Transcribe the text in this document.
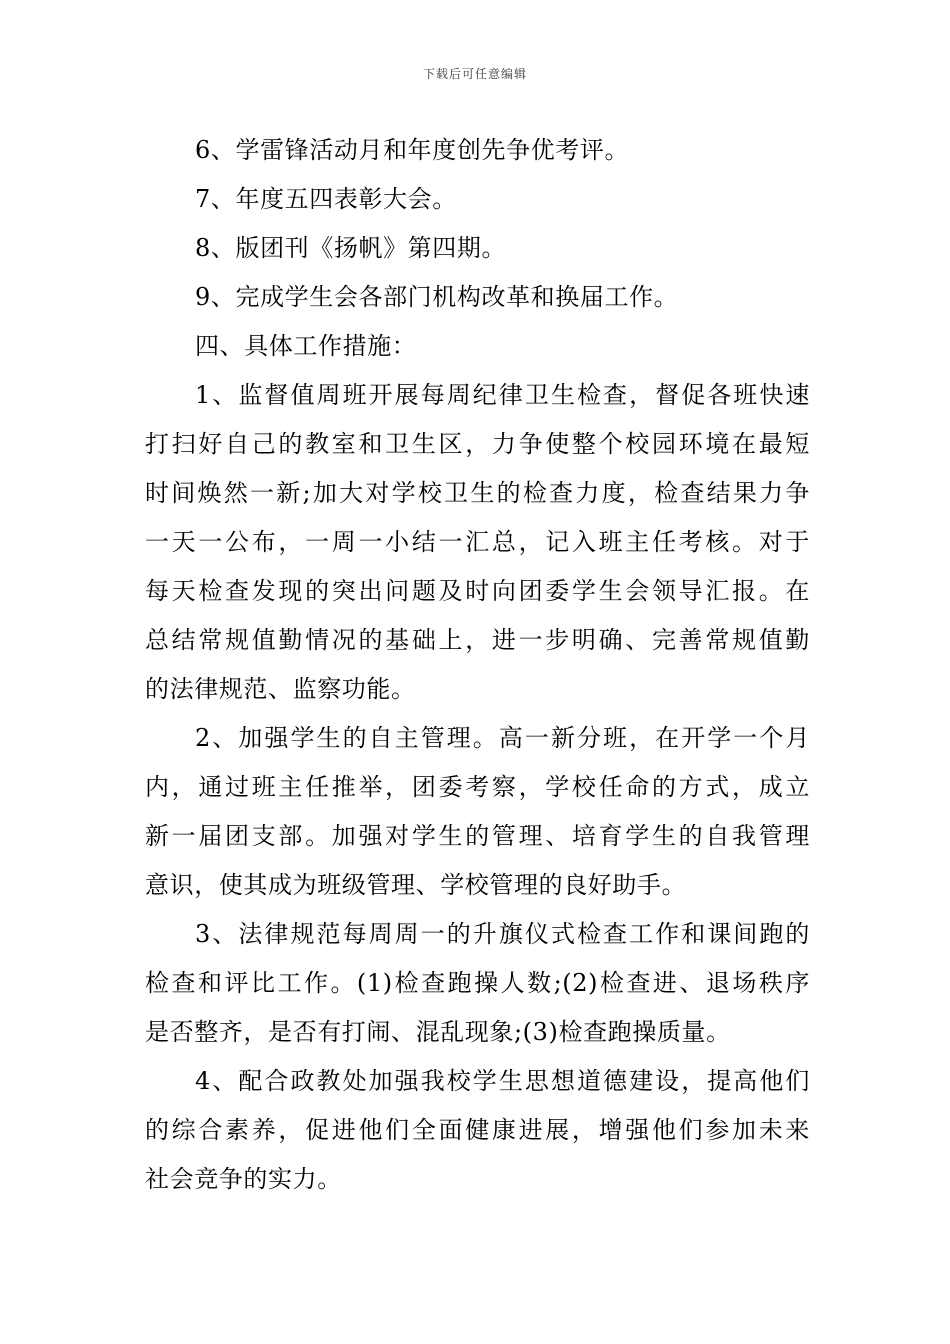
下载后可任意编辑
6、学雷锋活动月和年度创先争优考评。
7、年度五四表彰大会。
8、版团刊《扬帆》第四期。
9、完成学生会各部门机构改革和换届工作。
四、具体工作措施：
1、监督值周班开展每周纪律卫生检查，督促各班快速
打扫好自己的教室和卫生区，力争使整个校园环境在最短
时间焕然一新;加大对学校卫生的检查力度，检查结果力争
一天一公布，一周一小结一汇总，记入班主任考核。对于
每天检查发现的突出问题及时向团委学生会领导汇报。在
总结常规值勤情况的基础上，进一步明确、完善常规值勤
的法律规范、监察功能。
2、加强学生的自主管理。高一新分班，在开学一个月
内，通过班主任推举，团委考察，学校任命的方式，成立
新一届团支部。加强对学生的管理、培育学生的自我管理
意识，使其成为班级管理、学校管理的良好助手。
3、法律规范每周周一的升旗仪式检查工作和课间跑的
检查和评比工作。(1)检查跑操人数;(2)检查进、退场秩序
是否整齐，是否有打闹、混乱现象;(3)检查跑操质量。
4、配合政教处加强我校学生思想道德建设，提高他们
的综合素养，促进他们全面健康进展，增强他们参加未来
社会竞争的实力。
